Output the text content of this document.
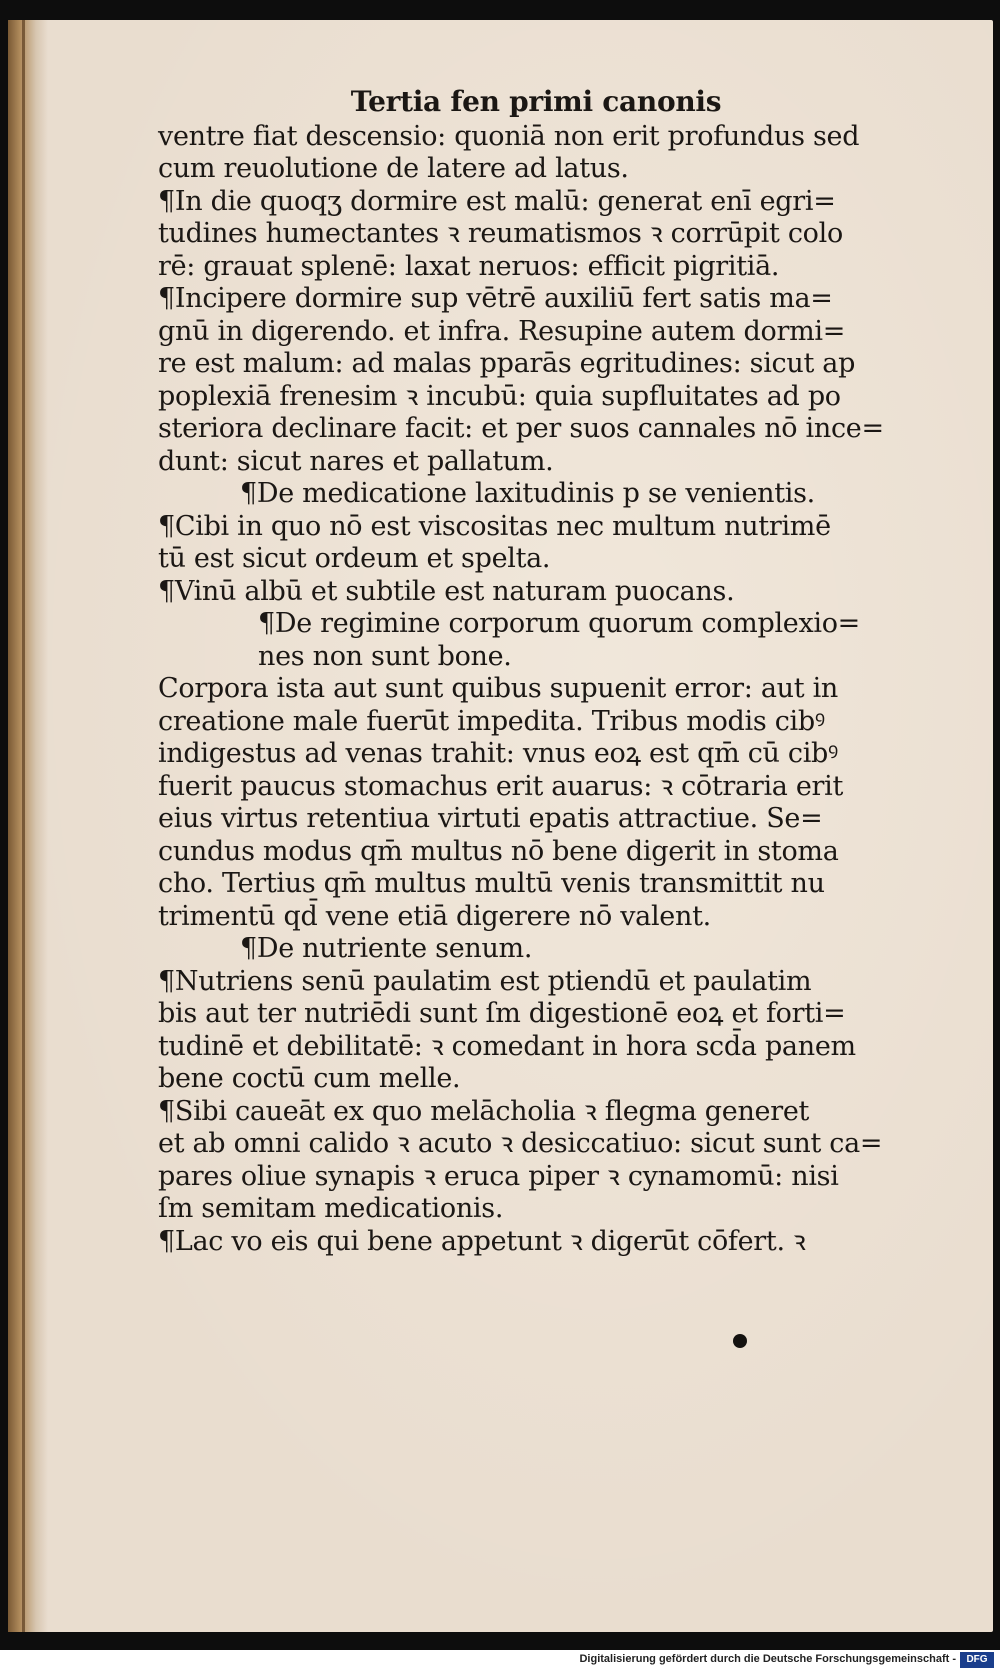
Tertia fen primi canonis
ventre fiat descensio: quoniā non erit profundus sed
cum reuolutione de latere ad latus.
¶In die quoqʒ dormire est malū: generat enī egri=
tudines humectantes ꝛ reumatismos ꝛ corrūpit colo
rē: grauat splenē: laxat neruos: efficit pigritiā.
¶Incipere dormire sup vētrē auxiliū fert satis ma=
gnū in digerendo. et infra. Resupine autem dormi=
re est malum: ad malas pparās egritudines: sicut ap
poplexiā frenesim ꝛ incubū: quia supfluitates ad po
steriora declinare facit: et per suos cannales nō ince=
dunt: sicut nares et pallatum.
¶De medicatione laxitudinis p se venientis.
¶Cibi in quo nō est viscositas nec multum nutrimē
tū est sicut ordeum et spelta.
¶Vinū albū et subtile est naturam puocans.
¶De regimine corporum quorum complexio=
nes non sunt bone.
Corpora ista aut sunt quibus supuenit error: aut in
creatione male fuerūt impedita. Tribus modis cibꝰ
indigestus ad venas trahit: vnus eoꝝ est qm̄ cū cibꝰ
fuerit paucus stomachus erit auarus: ꝛ cōtraria erit
eius virtus retentiua virtuti epatis attractiue. Se=
cundus modus qm̄ multus nō bene digerit in stoma
cho. Tertius qm̄ multus multū venis transmittit nu
trimentū qd̄ vene etiā digerere nō valent.
¶De nutriente senum.
¶Nutriens senū paulatim est ptiendū et paulatim
bis aut ter nutriēdi sunt ſm digestionē eoꝝ et forti=
tudinē et debilitatē: ꝛ comedant in hora scd̄a panem
bene coctū cum melle.
¶Sibi caueāt ex quo melācholia ꝛ flegma generet
et ab omni calido ꝛ acuto ꝛ desiccatiuo: sicut sunt ca=
pares oliue synapis ꝛ eruca piper ꝛ cynamomū: nisi
ſm semitam medicationis.
¶Lac vo eis qui bene appetunt ꝛ digerūt cōfert. ꝛ
Digitalisierung gefördert durch die Deutsche Forschungsgemeinschaft -	DFG
